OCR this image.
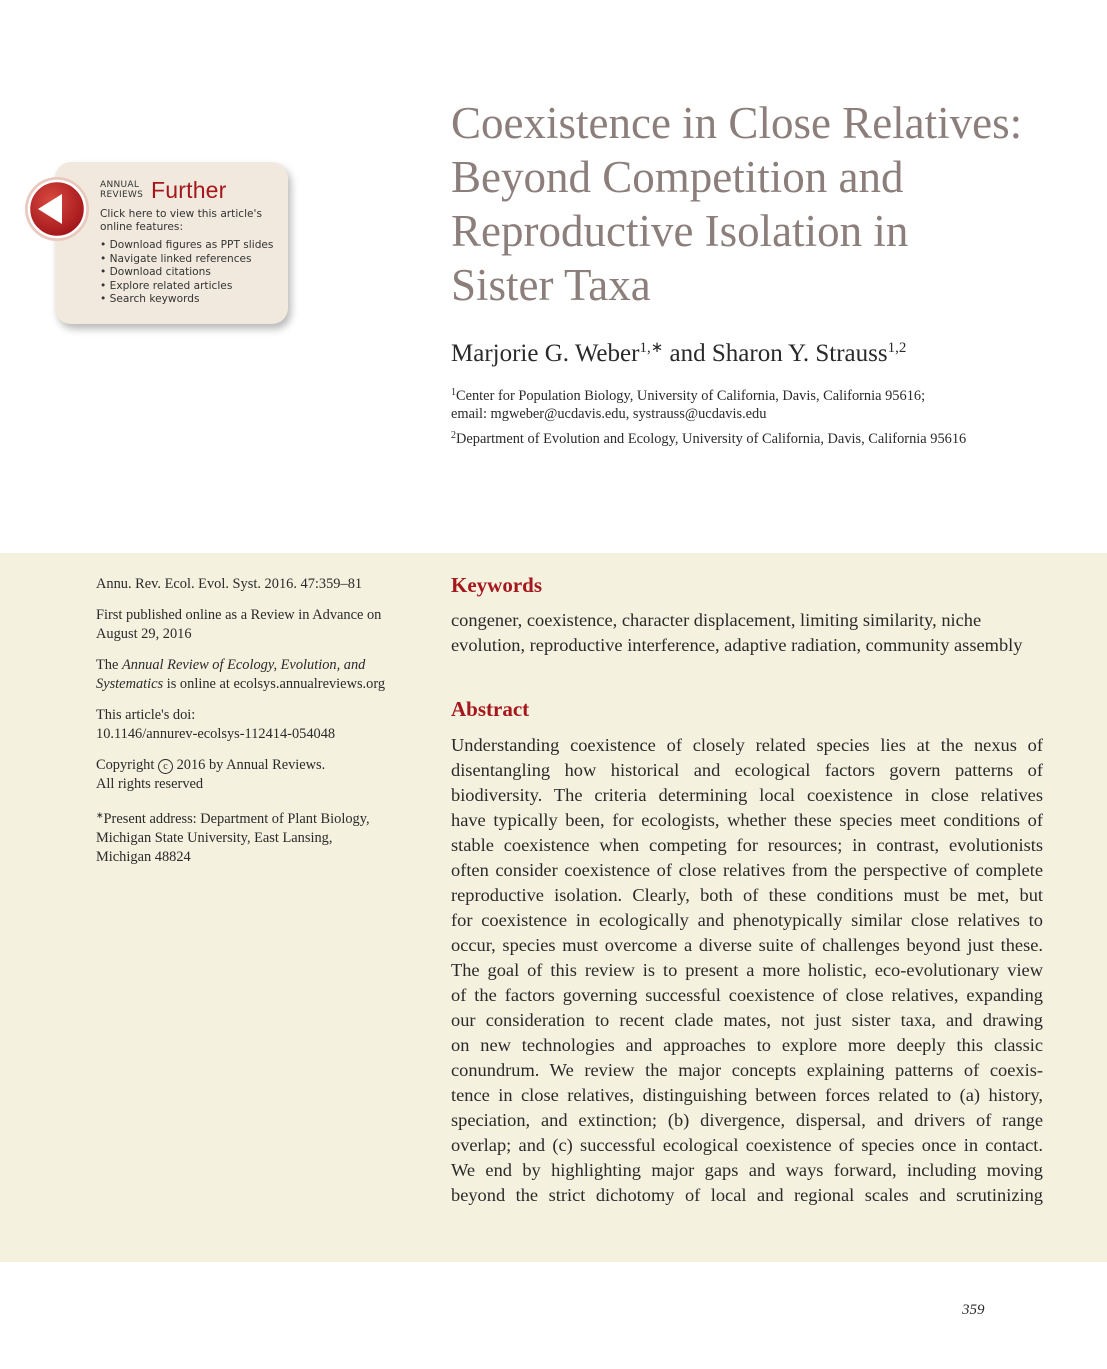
Coexistence in Close Relatives:
Beyond Competition and
Reproductive Isolation in
Sister Taxa
Marjorie G. Weber$^{1,∗}$ and Sharon Y. Strauss$^{1,2}$
$^1$Center for Population Biology, University of California, Davis, California 95616;
email: mgweber@ucdavis.edu, systrauss@ucdavis.edu
$^2$Department of Evolution and Ecology, University of California, Davis, California 95616
ANNUAL
REVIEWS Further
Click here to view this article's online features:
• Download figures as PPT slides
• Navigate linked references
• Download citations
• Explore related articles
• Search keywords

Annu. Rev. Ecol. Evol. Syst. 2016. 47:359–81

First published online as a Review in Advance on
August 29, 2016

The Annual Review of Ecology, Evolution, and
Systematics is online at ecolsys.annualreviews.org

This article's doi:
10.1146/annurev-ecolsys-112414-054048

Copyright c 2016 by Annual Reviews.
All rights reserved

∗Present address: Department of Plant Biology,
Michigan State University, East Lansing,
Michigan 48824

Keywords
congener, coexistence, character displacement, limiting similarity, niche evolution, reproductive interference, adaptive radiation, community assembly
Abstract
Understanding coexistence of closely related species lies at the nexus of
disentangling how historical and ecological factors govern patterns of
biodiversity. The criteria determining local coexistence in close relatives
have typically been, for ecologists, whether these species meet conditions of
stable coexistence when competing for resources; in contrast, evolutionists
often consider coexistence of close relatives from the perspective of complete
reproductive isolation. Clearly, both of these conditions must be met, but
for coexistence in ecologically and phenotypically similar close relatives to
occur, species must overcome a diverse suite of challenges beyond just these.
The goal of this review is to present a more holistic, eco-evolutionary view
of the factors governing successful coexistence of close relatives, expanding
our consideration to recent clade mates, not just sister taxa, and drawing
on new technologies and approaches to explore more deeply this classic
conundrum. We review the major concepts explaining patterns of coexis-
tence in close relatives, distinguishing between forces related to (a) history,
speciation, and extinction; (b) divergence, dispersal, and drivers of range
overlap; and (c) successful ecological coexistence of species once in contact.
We end by highlighting major gaps and ways forward, including moving
beyond the strict dichotomy of local and regional scales and scrutinizing
359
